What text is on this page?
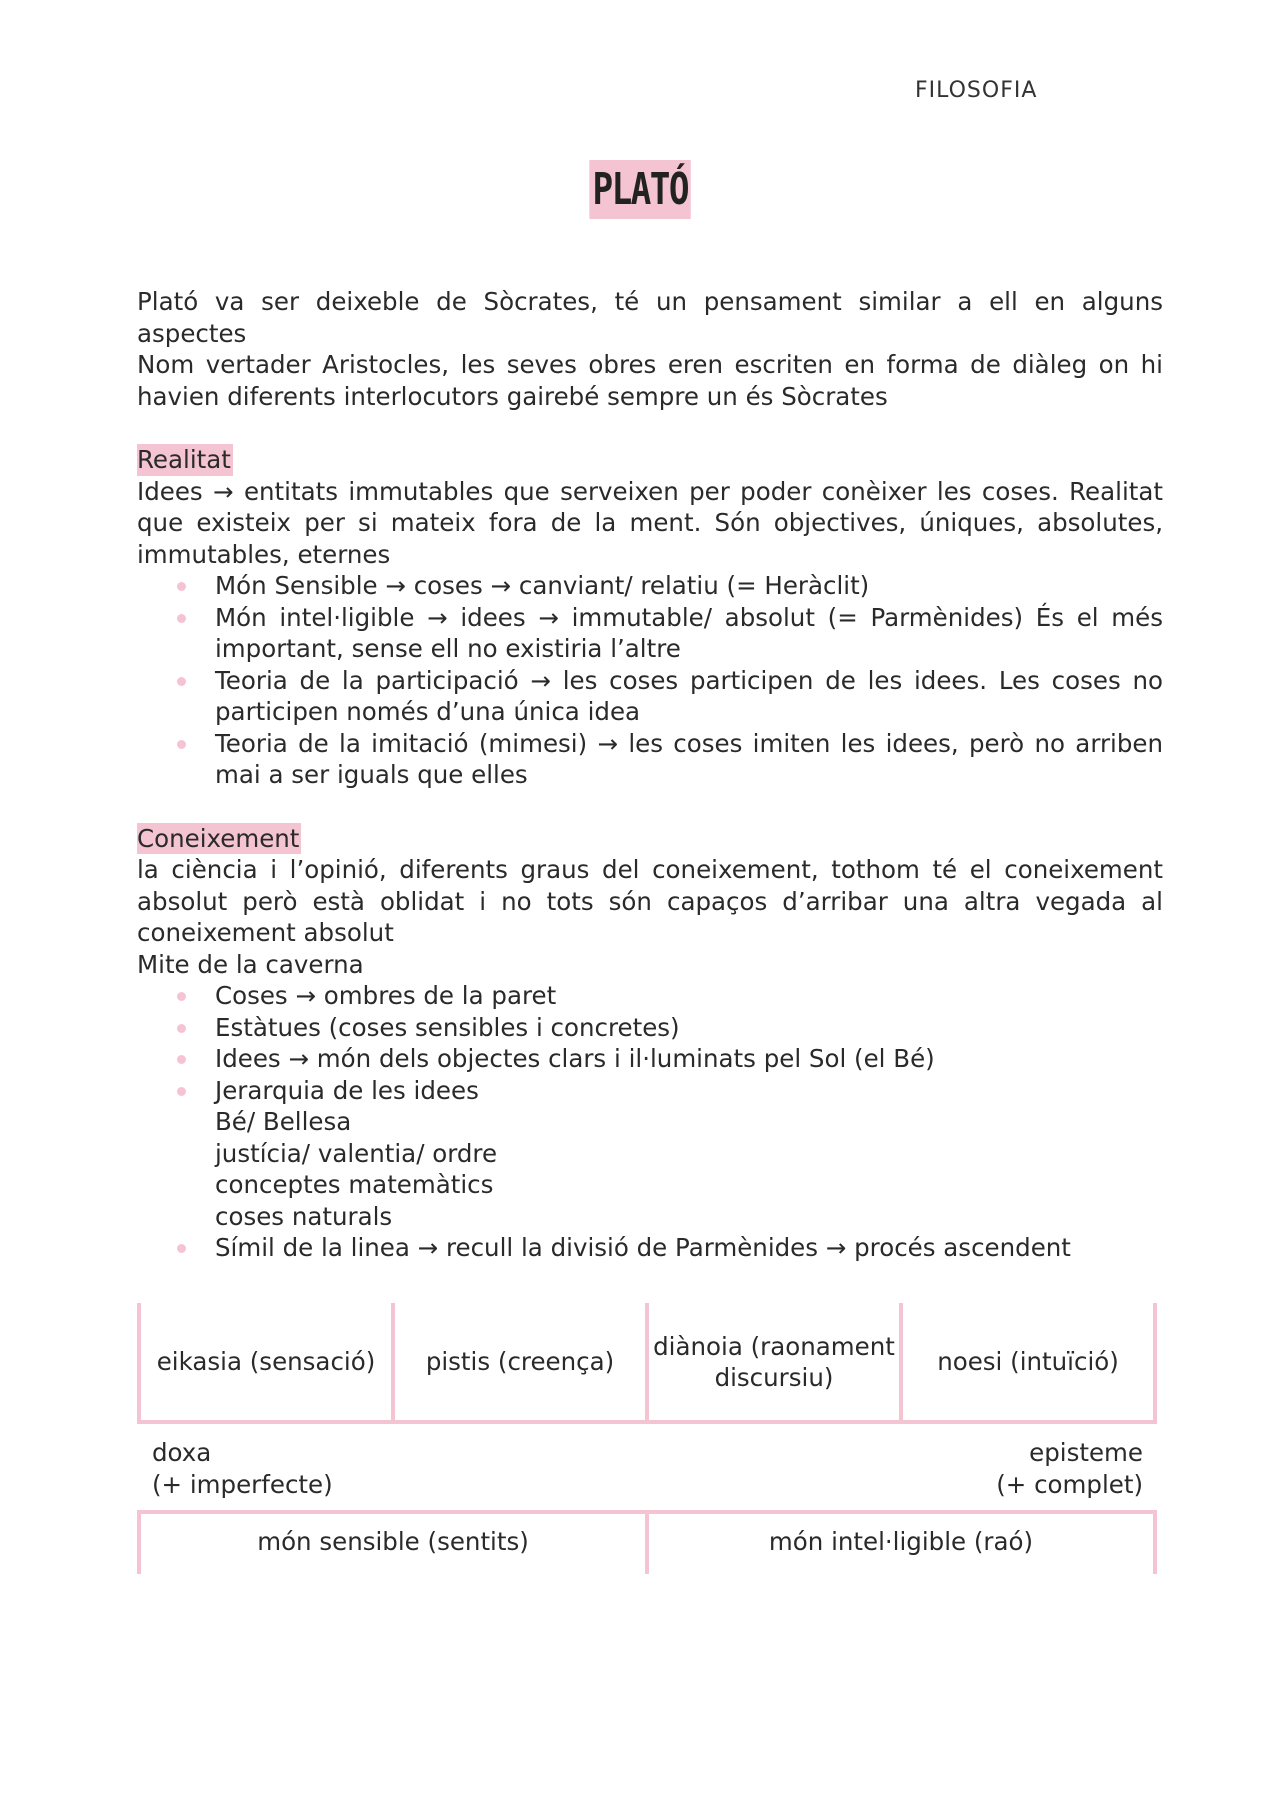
FILOSOFIA
PLATÓ

Plató va ser deixeble de Sòcrates, té un pensament similar a ell en alguns aspectes

Nom vertader Aristocles, les seves obres eren escriten en forma de diàleg on hi havien diferents interlocutors gairebé sempre un és Sòcrates

Realitat

Idees → entitats immutables que serveixen per poder conèixer les coses. Realitat que existeix per si mateix fora de la ment. Són objectives, úniques, absolutes, immutables, eternes

Món Sensible → coses → canviant/ relatiu (= Heràclit)
Món intel·ligible → idees → immutable/ absolut (= Parmènides) És el més important, sense ell no existiria l’altre
Teoria de la participació → les coses participen de les idees. Les coses no participen només d’una única idea
Teoria de la imitació (mimesi) → les coses imiten les idees, però no arriben mai a ser iguals que elles

Coneixement

la ciència i l’opinió, diferents graus del coneixement, tothom té el coneixement absolut però està oblidat i no tots són capaços d’arribar una altra vegada al coneixement absolut

Mite de la caverna

Coses → ombres de la paret
Estàtues (coses sensibles i concretes)
Idees → món dels objectes clars i il·luminats pel Sol (el Bé)
Jerarquia de les idees
Bé/ Bellesa
justícia/ valentia/ ordre
conceptes matemàtics
coses naturals
Símil de la linea → recull la divisió de Parmènides → procés ascendent
eikasia (sensació)	pistis (creença)
diànoia (raonament discursiu)
noesi (intuïció)
doxa
(+ imperfecte)
episteme
(+ complet)
món sensible (sentits)	món intel·ligible (raó)
